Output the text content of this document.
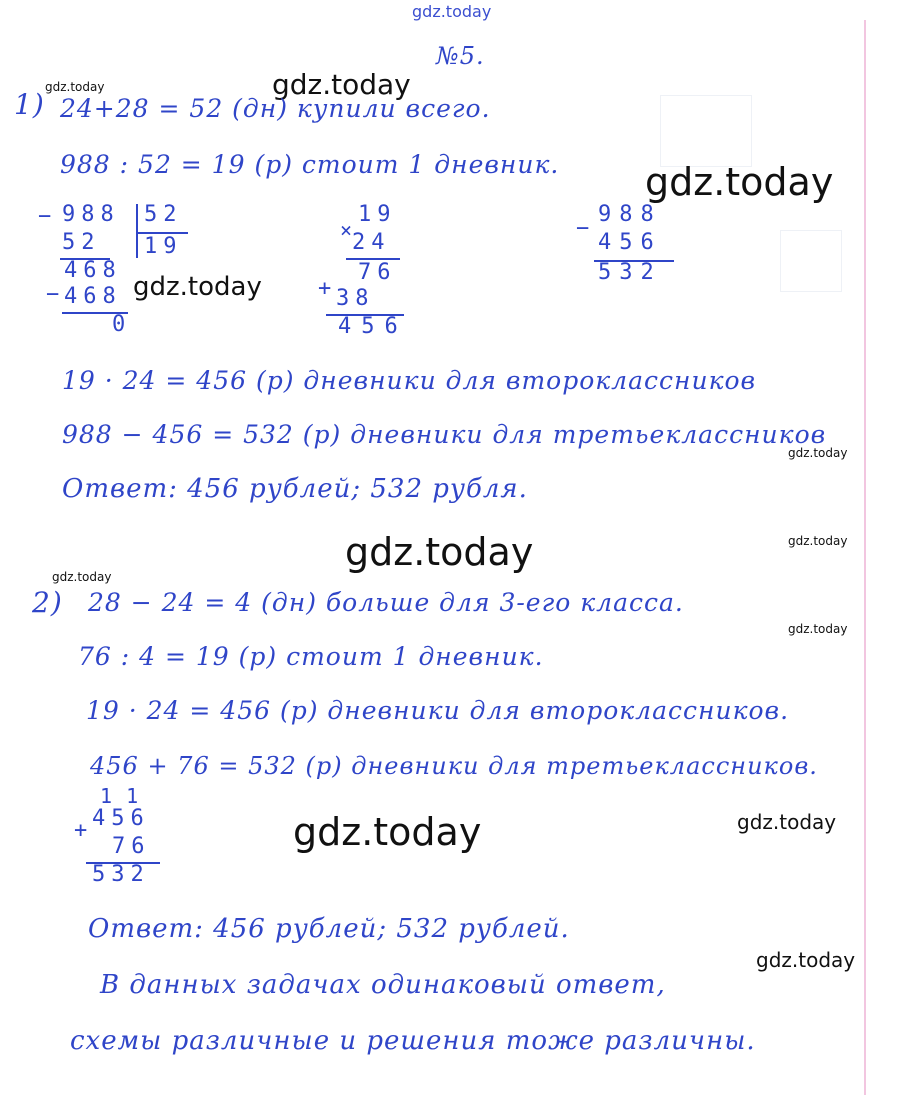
gdz.today
gdz.today	gdz.today
gdz.today
gdz.today
gdz.today
gdz.today
gdz.today
gdz.today
gdz.today
gdz.today	gdz.today
gdz.today
№5.
1) 24+28 = 52 (дн) купили всего.
988 : 52 = 19 (р) стоит 1 дневник.
− 988 52
19
52
468
− 468
0
×
19
24
76
+ 38
456
−
988
456
532
19 · 24 = 456 (р) дневники для второклассников
988 − 456 = 532 (р) дневники для третьеклассников
Ответ: 456 рублей; 532 рубля.
2) 28 − 24 = 4 (дн) больше для 3-его класса.
76 : 4 = 19 (р) стоит 1 дневник.
19 · 24 = 456 (р) дневники для второклассников.
456 + 76 = 532 (р) дневники для третьеклассников.
1 1
+ 456
76
532
Ответ: 456 рублей; 532 рублей.
В данных задачах одинаковый ответ,
схемы различные и решения тоже различны.
